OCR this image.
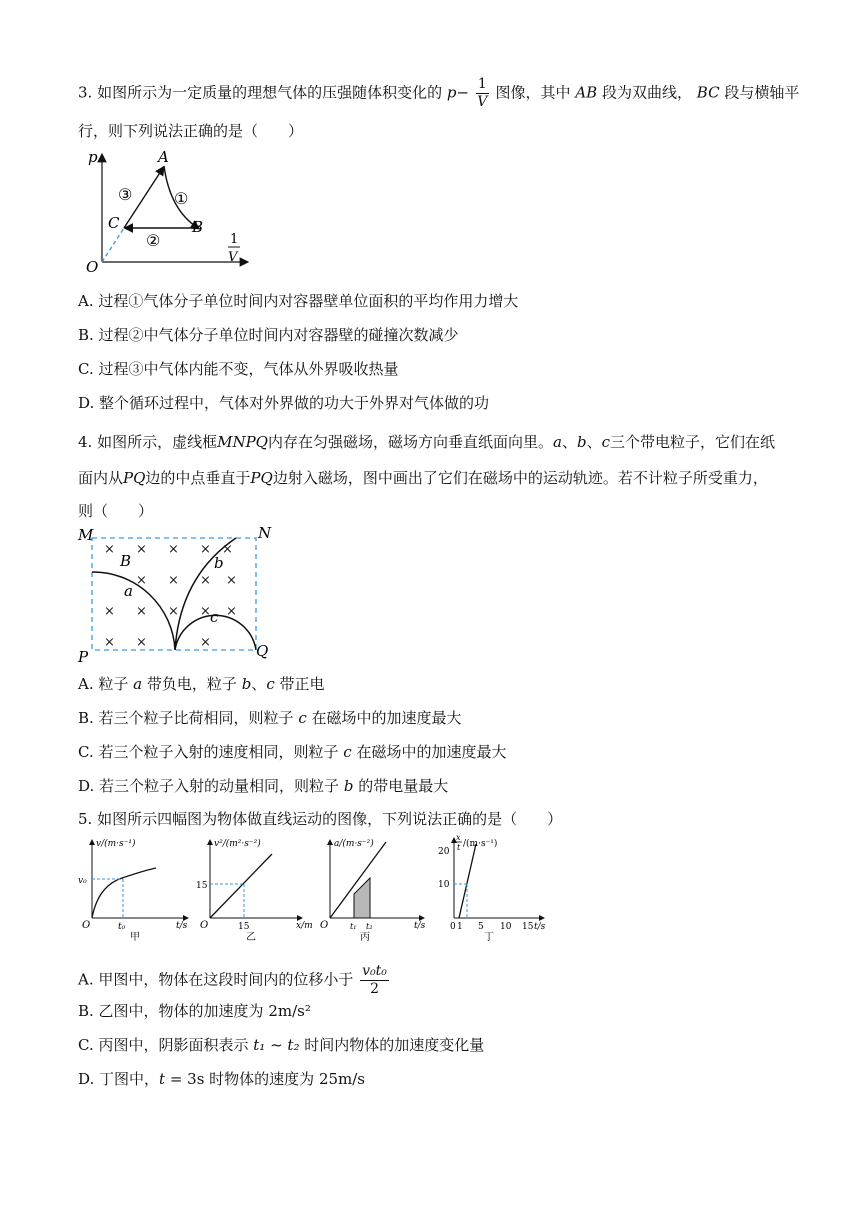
3. 如图所示为一定质量的理想气体的压强随体积变化的 $p- \frac{1}{V}$ 图像，其中 AB 段为双曲线， BC 段与横轴平
行，则下列说法正确的是（　　）
p
O
1
V
A
B
C
①
②
③
A. 过程①气体分子单位时间内对容器壁单位面积的平均作用力增大
B. 过程②中气体分子单位时间内对容器壁的碰撞次数减少
C. 过程③中气体内能不变，气体从外界吸收热量
D. 整个循环过程中，气体对外界做的功大于外界对气体做的功
4. 如图所示，虚线框MNPQ内存在匀强磁场，磁场方向垂直纸面向里。a、b、c三个带电粒子，它们在纸
面内从PQ边的中点垂直于PQ边射入磁场，图中画出了它们在磁场中的运动轨迹。若不计粒子所受重力，
则（　　）
× × × × ×
× × × ×
× × × × ×
× ×	×
M	N
P	Q
B
a
b
c
A. 粒子 a 带负电，粒子 b、c 带正电
B. 若三个粒子比荷相同，则粒子 c 在磁场中的加速度最大
C. 若三个粒子入射的速度相同，则粒子 c 在磁场中的加速度最大
D. 若三个粒子入射的动量相同，则粒子 b 的带电量最大
5. 如图所示四幅图为物体做直线运动的图像，下列说法正确的是（　　）
v/(m·s⁻¹)
t/s
v₀
t₀
O
甲
v²/(m²·s⁻²)
x/m
15
15
O
乙
a/(m·s⁻²)
t/s
t₁ t₂
O
丙
x
t /(m·s⁻¹)
20
10
0 1 5 10 15 t/s
丁
A. 甲图中，物体在这段时间内的位移小于 $\frac{\text{v₀t₀}}{2}$
B. 乙图中，物体的加速度为 2m/s²
C. 丙图中，阴影面积表示 t₁ ~ t₂ 时间内物体的加速度变化量
D. 丁图中，t = 3s 时物体的速度为 25m/s
